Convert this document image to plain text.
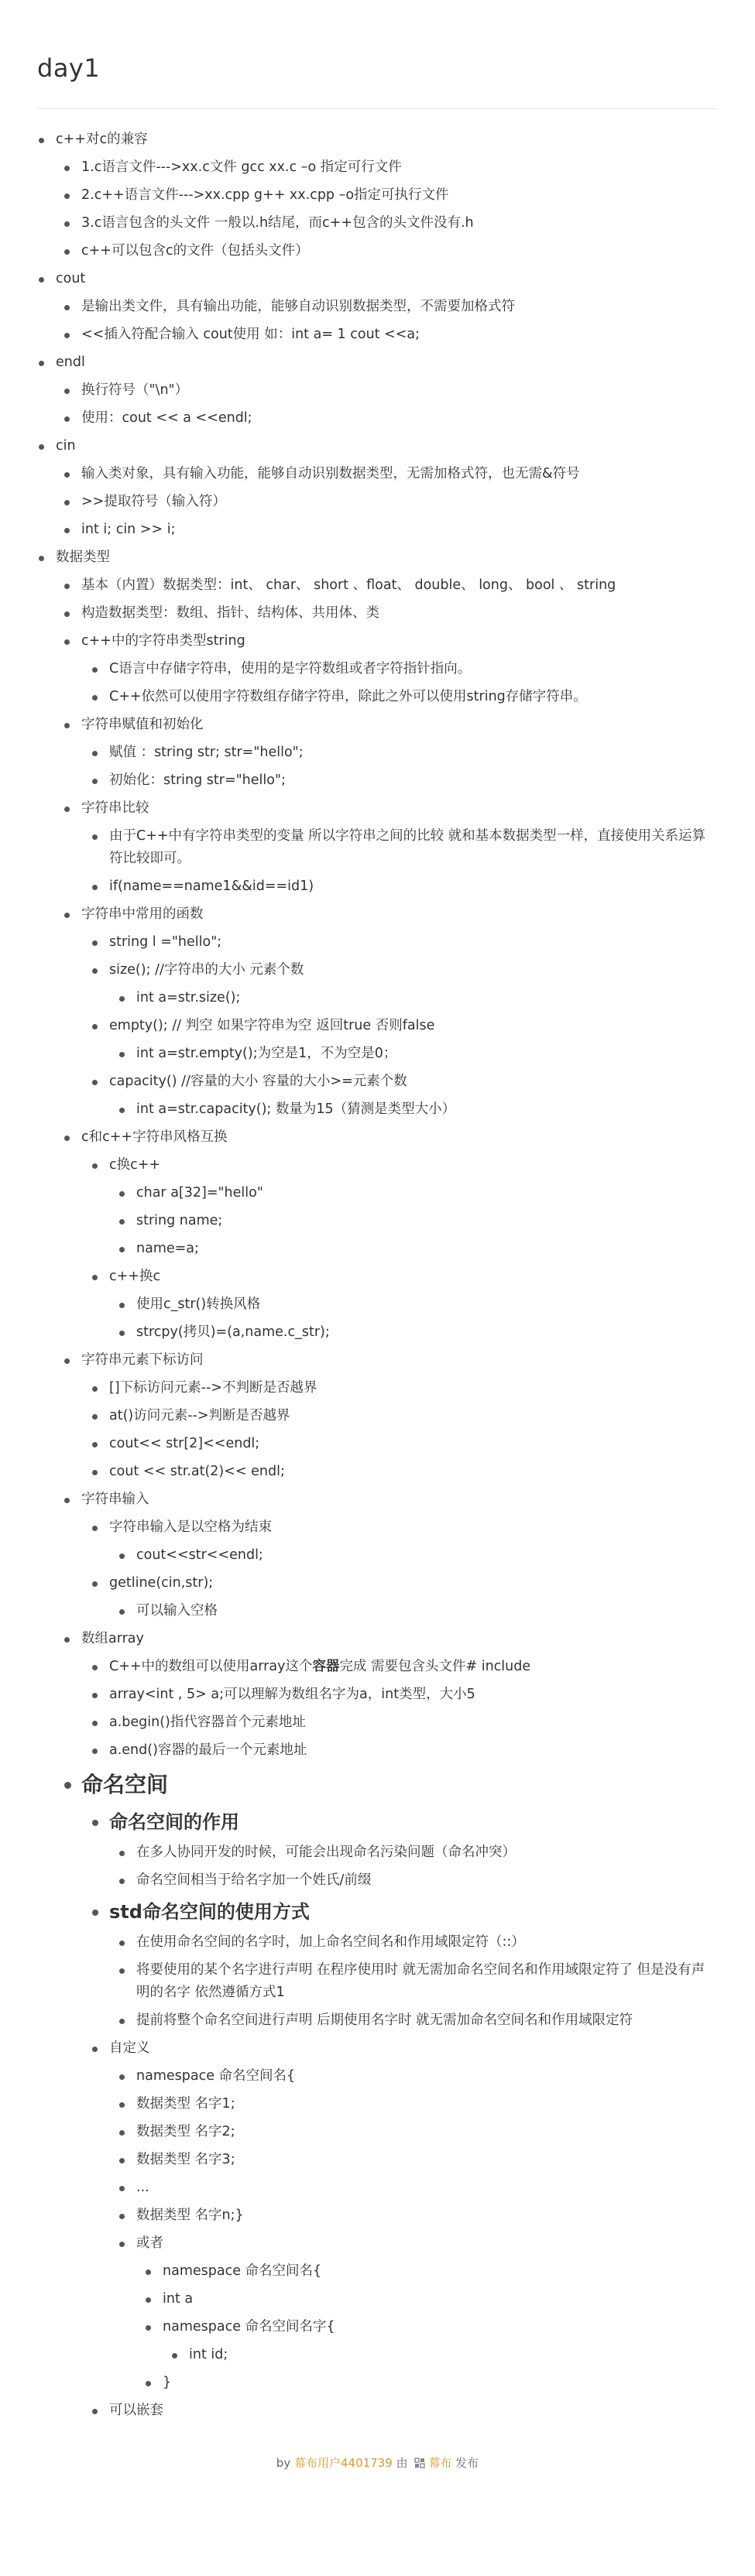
day1
c++对c的兼容
1.c语言文件--->xx.c文件 gcc xx.c –o 指定可行文件
2.c++语言文件--->xx.cpp g++ xx.cpp –o指定可执行文件
3.c语言包含的头文件 一般以.h结尾，而c++包含的头文件没有.h
c++可以包含c的文件（包括头文件）
cout
是输出类文件，具有输出功能，能够自动识别数据类型，不需要加格式符
<<插入符配合输入 cout使用 如：int a= 1 cout <<a;
endl
换行符号（"\n"）
使用：cout << a <<endl;
cin
输入类对象，具有输入功能，能够自动识别数据类型，无需加格式符，也无需&符号
>>提取符号（输入符）
int i; cin >> i;
数据类型
基本（内置）数据类型：int、 char、 short 、float、 double、 long、 bool 、 string
构造数据类型：数组、指针、结构体、共用体、类
c++中的字符串类型string
C语言中存储字符串，使用的是字符数组或者字符指针指向。
C++依然可以使用字符数组存储字符串，除此之外可以使用string存储字符串。
字符串赋值和初始化
赋值 ：string str; str="hello";
初始化：string str="hello";
字符串比较
由于C++中有字符串类型的变量 所以字符串之间的比较 就和基本数据类型一样，直接使用关系运算符比较即可。
if(name==name1&&id==id1)
字符串中常用的函数
string l ="hello";
size(); //字符串的大小 元素个数
int a=str.size();
empty(); // 判空 如果字符串为空 返回true 否则false
int a=str.empty();为空是1，不为空是0；
capacity() //容量的大小 容量的大小>=元素个数
int a=str.capacity(); 数量为15（猜测是类型大小）
c和c++字符串风格互换
c换c++
char a[32]="hello"
string name;
name=a;
c++换c
使用c_str()转换风格
strcpy(拷贝)=(a,name.c_str);
字符串元素下标访问
[]下标访问元素-->不判断是否越界
at()访问元素-->判断是否越界
cout<< str[2]<<endl;
cout << str.at(2)<< endl;
字符串输入
字符串输入是以空格为结束
cout<<str<<endl;
getline(cin,str);
可以输入空格
数组array
C++中的数组可以使用array这个容器完成 需要包含头文件# include
array<int , 5> a;可以理解为数组名字为a，int类型，大小5
a.begin()指代容器首个元素地址
a.end()容器的最后一个元素地址
命名空间
命名空间的作用
在多人协同开发的时候，可能会出现命名污染问题（命名冲突）
命名空间相当于给名字加一个姓氏/前缀
std命名空间的使用方式
在使用命名空间的名字时，加上命名空间名和作用域限定符（::）
将要使用的某个名字进行声明 在程序使用时 就无需加命名空间名和作用域限定符了 但是没有声明的名字 依然遵循方式1
提前将整个命名空间进行声明 后期使用名字时 就无需加命名空间名和作用域限定符
自定义
namespace 命名空间名{
数据类型 名字1;
数据类型 名字2;
数据类型 名字3;
...
数据类型 名字n;}
或者
namespace 命名空间名{
int a
namespace 命名空间名字{
int id;
}
可以嵌套
by 幕布用户4401739 由 幕布 发布
